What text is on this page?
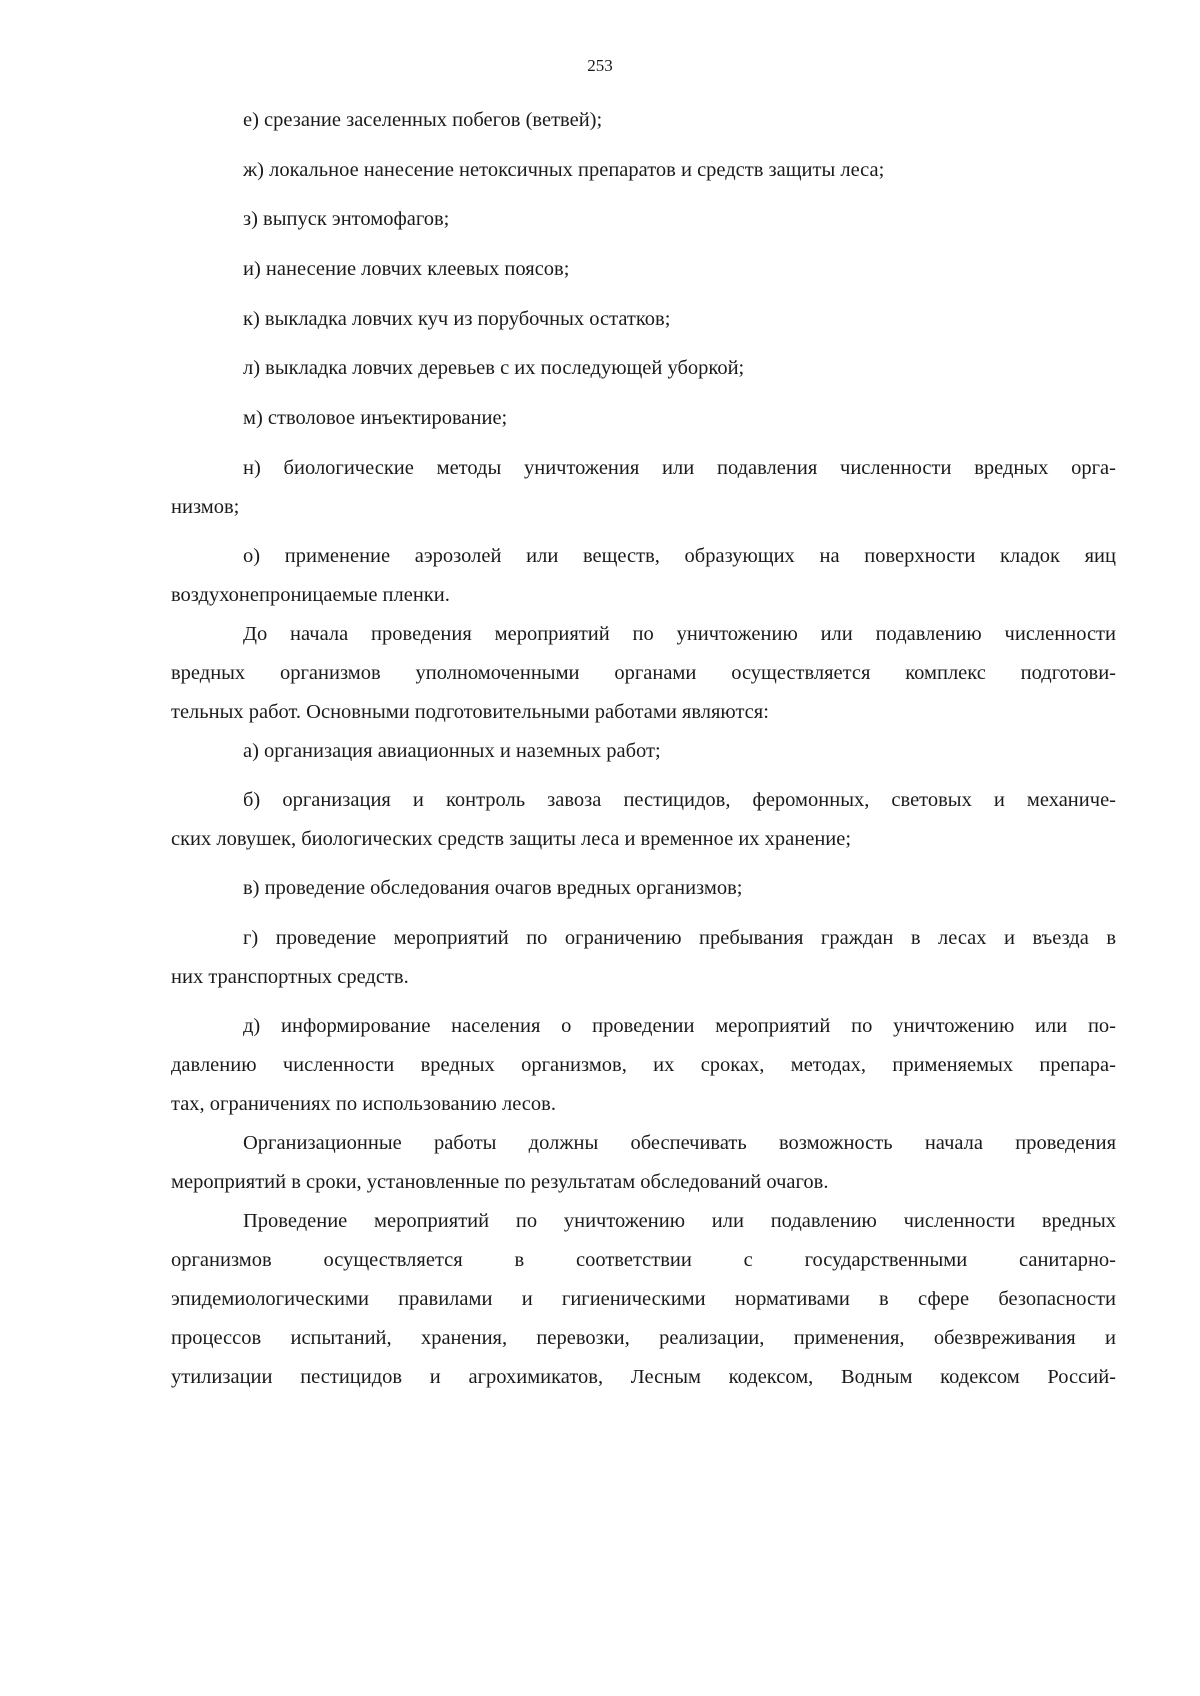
253
е) срезание заселенных побегов (ветвей);
ж) локальное нанесение нетоксичных препаратов и средств защиты леса;
з) выпуск энтомофагов;
и) нанесение ловчих клеевых поясов;
к) выкладка ловчих куч из порубочных остатков;
л) выкладка ловчих деревьев с их последующей уборкой;
м) стволовое инъектирование;
н) биологические методы уничтожения или подавления численности вредных орга-
низмов;
о) применение аэрозолей или веществ, образующих на поверхности кладок яиц
воздухонепроницаемые пленки.
До начала проведения мероприятий по уничтожению или подавлению численности
вредных организмов уполномоченными органами осуществляется комплекс подготови-
тельных работ. Основными подготовительными работами являются:
а) организация авиационных и наземных работ;
б) организация и контроль завоза пестицидов, феромонных, световых и механиче-
ских ловушек, биологических средств защиты леса и временное их хранение;
в) проведение обследования очагов вредных организмов;
г) проведение мероприятий по ограничению пребывания граждан в лесах и въезда в
них транспортных средств.
д) информирование населения о проведении мероприятий по уничтожению или по-
давлению численности вредных организмов, их сроках, методах, применяемых препара-
тах, ограничениях по использованию лесов.
Организационные работы должны обеспечивать возможность начала проведения
мероприятий в сроки, установленные по результатам обследований очагов.
Проведение мероприятий по уничтожению или подавлению численности вредных
организмов осуществляется в соответствии с государственными санитарно-
эпидемиологическими правилами и гигиеническими нормативами в сфере безопасности
процессов испытаний, хранения, перевозки, реализации, применения, обезвреживания и
утилизации пестицидов и агрохимикатов, Лесным кодексом, Водным кодексом Россий-
